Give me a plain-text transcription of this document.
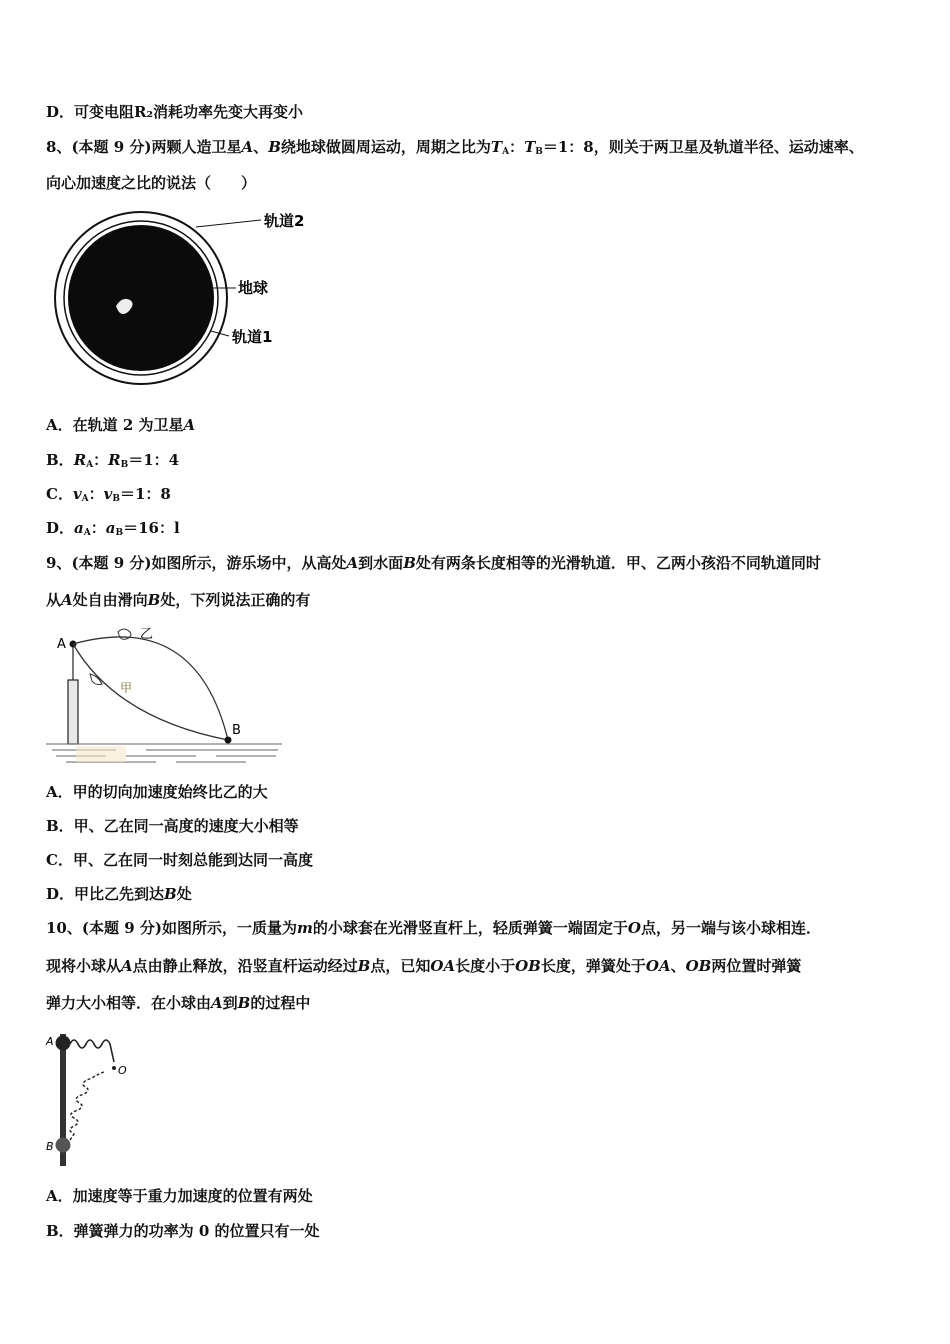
D．可变电阻R₂消耗功率先变大再变小
8、(本题 9 分)两颗人造卫星A、B绕地球做圆周运动，周期之比为$T_A$：$T_B=1$：8，则关于两卫星及轨道半径、运动速率、
向心加速度之比的说法（　　）
轨道2
地球
轨道1
A．在轨道 2 为卫星A
B．$R_A$：$R_B=1$：4
C．$v_A$：$v_B=1$：8
D．$a_A$：$a_B=16$：l
9、(本题 9 分)如图所示，游乐场中，从高处A到水面B处有两条长度相等的光滑轨道．甲、乙两小孩沿不同轨道同时
从A处自由滑向B处，下列说法正确的有
A
B
甲
乙
A．甲的切向加速度始终比乙的大
B．甲、乙在同一高度的速度大小相等
C．甲、乙在同一时刻总能到达同一高度
D．甲比乙先到达B处
10、(本题 9 分)如图所示，一质量为m的小球套在光滑竖直杆上，轻质弹簧一端固定于O点，另一端与该小球相连．
现将小球从A点由静止释放，沿竖直杆运动经过B点，已知OA长度小于OB长度，弹簧处于OA、OB两位置时弹簧
弹力大小相等．在小球由A到B的过程中
A
O
B
A．加速度等于重力加速度的位置有两处
B．弹簧弹力的功率为 0 的位置只有一处
